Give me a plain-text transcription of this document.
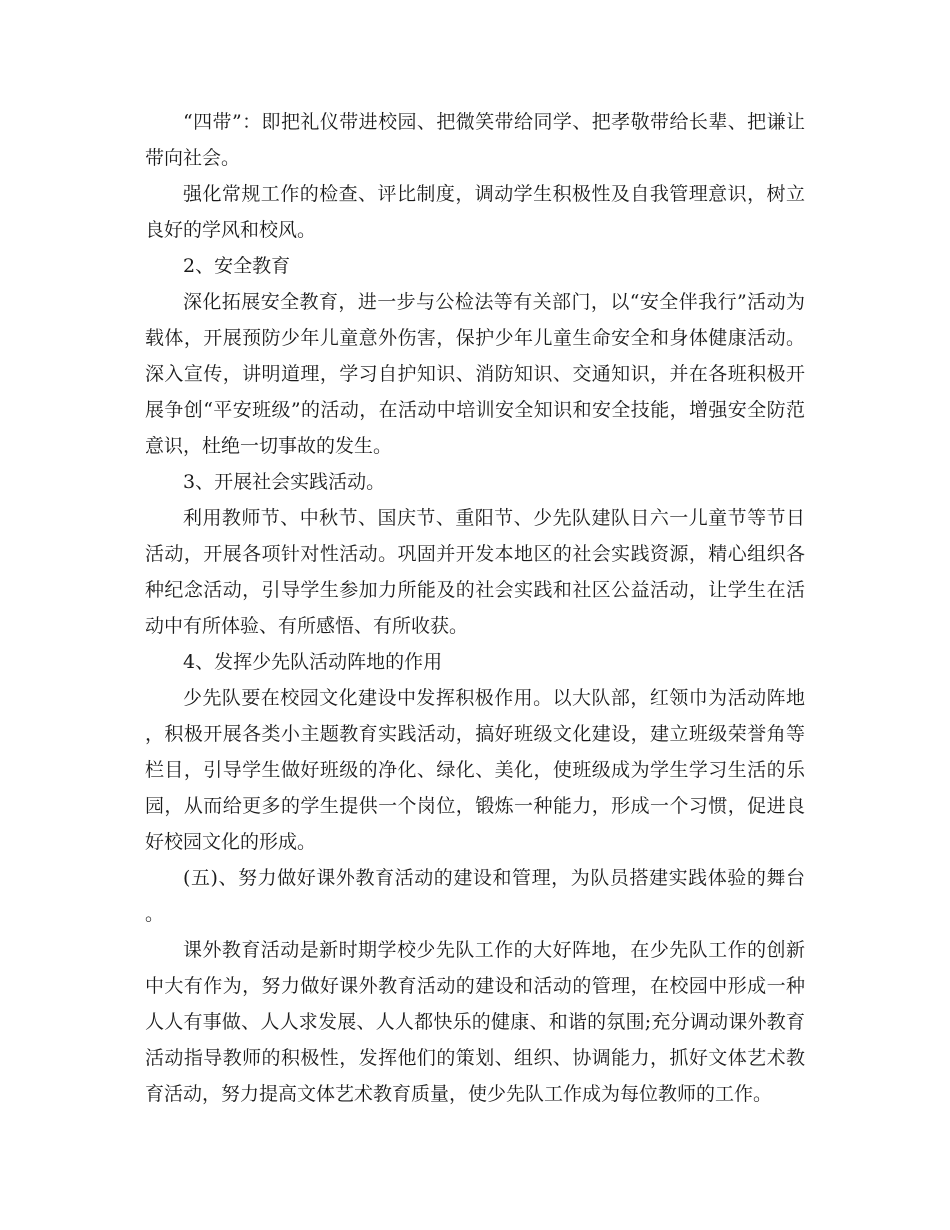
“四带”：即把礼仪带进校园、把微笑带给同学、把孝敬带给长辈、把谦让带向社会。

强化常规工作的检查、评比制度，调动学生积极性及自我管理意识，树立良好的学风和校风。

2、安全教育

深化拓展安全教育，进一步与公检法等有关部门，以“安全伴我行”活动为载体，开展预防少年儿童意外伤害，保护少年儿童生命安全和身体健康活动。深入宣传，讲明道理，学习自护知识、消防知识、交通知识，并在各班积极开展争创“平安班级”的活动，在活动中培训安全知识和安全技能，增强安全防范意识，杜绝一切事故的发生。

3、开展社会实践活动。

利用教师节、中秋节、国庆节、重阳节、少先队建队日六一儿童节等节日活动，开展各项针对性活动。巩固并开发本地区的社会实践资源，精心组织各种纪念活动，引导学生参加力所能及的社会实践和社区公益活动，让学生在活动中有所体验、有所感悟、有所收获。

4、发挥少先队活动阵地的作用

少先队要在校园文化建设中发挥积极作用。以大队部，红领巾为活动阵地，积极开展各类小主题教育实践活动，搞好班级文化建设，建立班级荣誉角等栏目，引导学生做好班级的净化、绿化、美化，使班级成为学生学习生活的乐园，从而给更多的学生提供一个岗位，锻炼一种能力，形成一个习惯，促进良好校园文化的形成。

(五)、努力做好课外教育活动的建设和管理，为队员搭建实践体验的舞台。

课外教育活动是新时期学校少先队工作的大好阵地，在少先队工作的创新中大有作为，努力做好课外教育活动的建设和活动的管理，在校园中形成一种人人有事做、人人求发展、人人都快乐的健康、和谐的氛围;充分调动课外教育活动指导教师的积极性，发挥他们的策划、组织、协调能力，抓好文体艺术教育活动，努力提高文体艺术教育质量，使少先队工作成为每位教师的工作。
